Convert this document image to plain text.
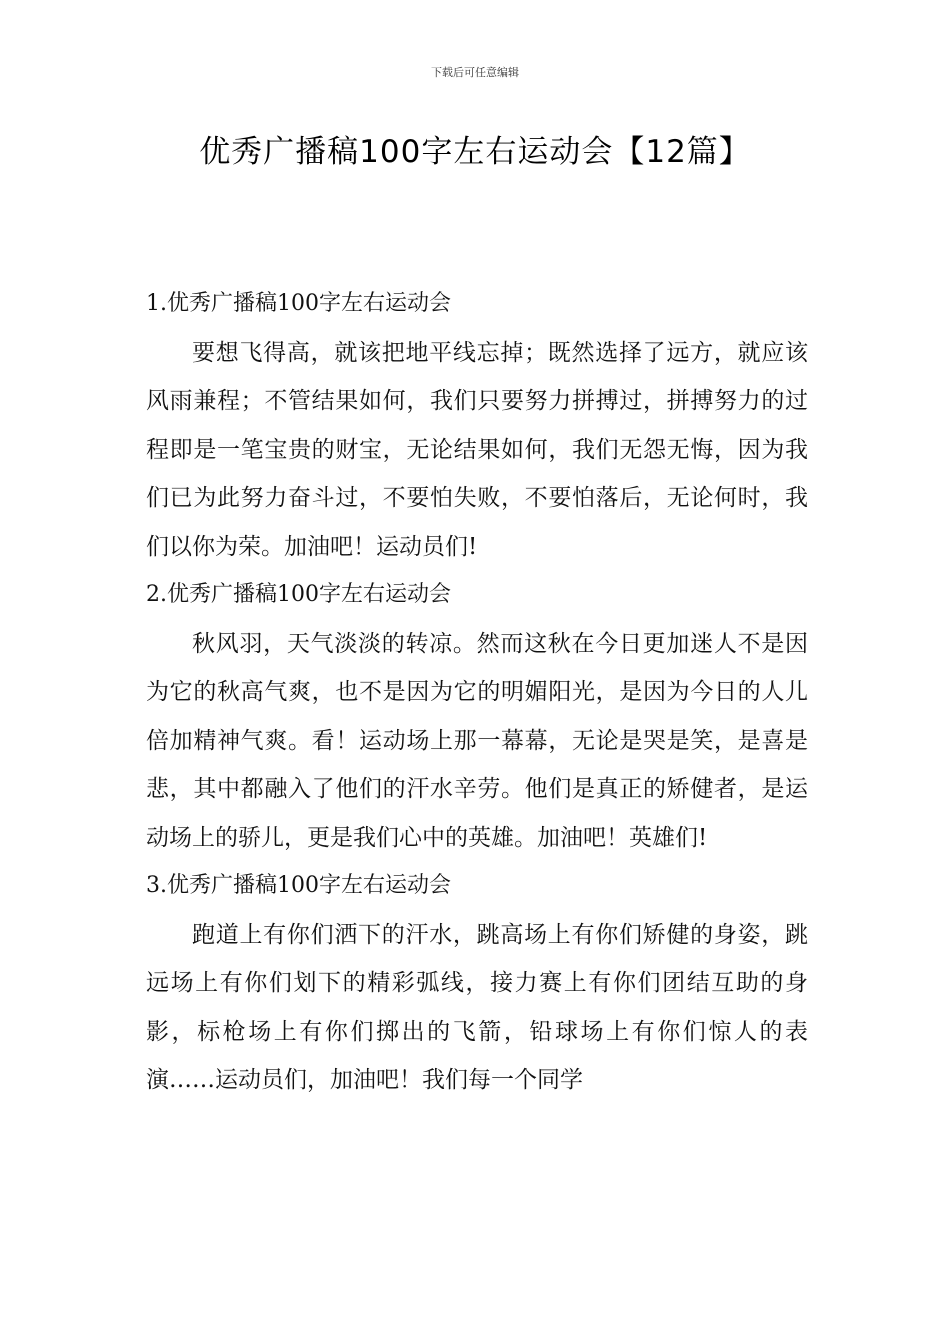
下载后可任意编辑
优秀广播稿100字左右运动会【12篇】

1.优秀广播稿100字左右运动会

要想飞得高，就该把地平线忘掉；既然选择了远方，就应该风雨兼程；不管结果如何，我们只要努力拼搏过，拼搏努力的过程即是一笔宝贵的财宝，无论结果如何，我们无怨无悔，因为我们已为此努力奋斗过，不要怕失败，不要怕落后，无论何时，我们以你为荣。加油吧！运动员们!

2.优秀广播稿100字左右运动会

秋风羽，天气淡淡的转凉。然而这秋在今日更加迷人不是因为它的秋高气爽，也不是因为它的明媚阳光，是因为今日的人儿倍加精神气爽。看！运动场上那一幕幕，无论是哭是笑，是喜是悲，其中都融入了他们的汗水辛劳。他们是真正的矫健者，是运动场上的骄儿，更是我们心中的英雄。加油吧！英雄们!

3.优秀广播稿100字左右运动会

跑道上有你们洒下的汗水，跳高场上有你们矫健的身姿，跳远场上有你们划下的精彩弧线，接力赛上有你们团结互助的身影，标枪场上有你们掷出的飞箭，铅球场上有你们惊人的表演……运动员们，加油吧！我们每一个同学
